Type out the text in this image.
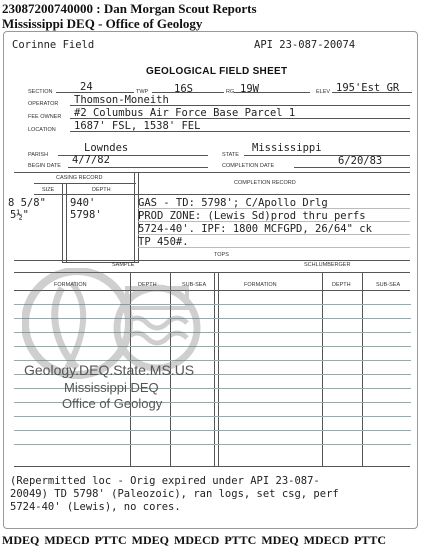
23087200740000 : Dan Morgan Scout Reports
Mississippi DEQ - Office of Geology
Corinne Field	API 23-087-20074
GEOLOGICAL FIELD SHEET
SECTION	24	TWP 16S	RG 19W	ELEV 195'Est GR
OPERATOR Thomson-Moneith
FEE OWNER #2 Columbus Air Force Base Parcel 1
LOCATION 1687' FSL, 1538' FEL
PARISH
Lowndes
STATE
Mississippi
BEGIN DATE 4/7/82	COMPLETION DATE	6/20/83
CASING RECORD
COMPLETION RECORD
SIZE	DEPTH
8 5/8" 940'
5½"	5798'
GAS - TD: 5798'; C/Apollo Drlg
PROD ZONE: (Lewis Sd)prod thru perfs
5724-40'. IPF: 1800 MCFGPD, 26/64" ck
TP 450#.
TOPS
SAMPLE	SCHLUMBERGER
FORMATION	DEPTH	SUB-SEA	FORMATION	DEPTH	SUB-SEA
Geology.DEQ.State.MS.US
Mississippi DEQ
Office of Geology
(Repermitted loc - Orig expired under API 23-087-
20049) TD 5798' (Paleozoic), ran logs, set csg, perf
5724-40' (Lewis), no cores.
MDEQ MDECD PTTC MDEQ MDECD PTTC MDEQ MDECD PTTC
